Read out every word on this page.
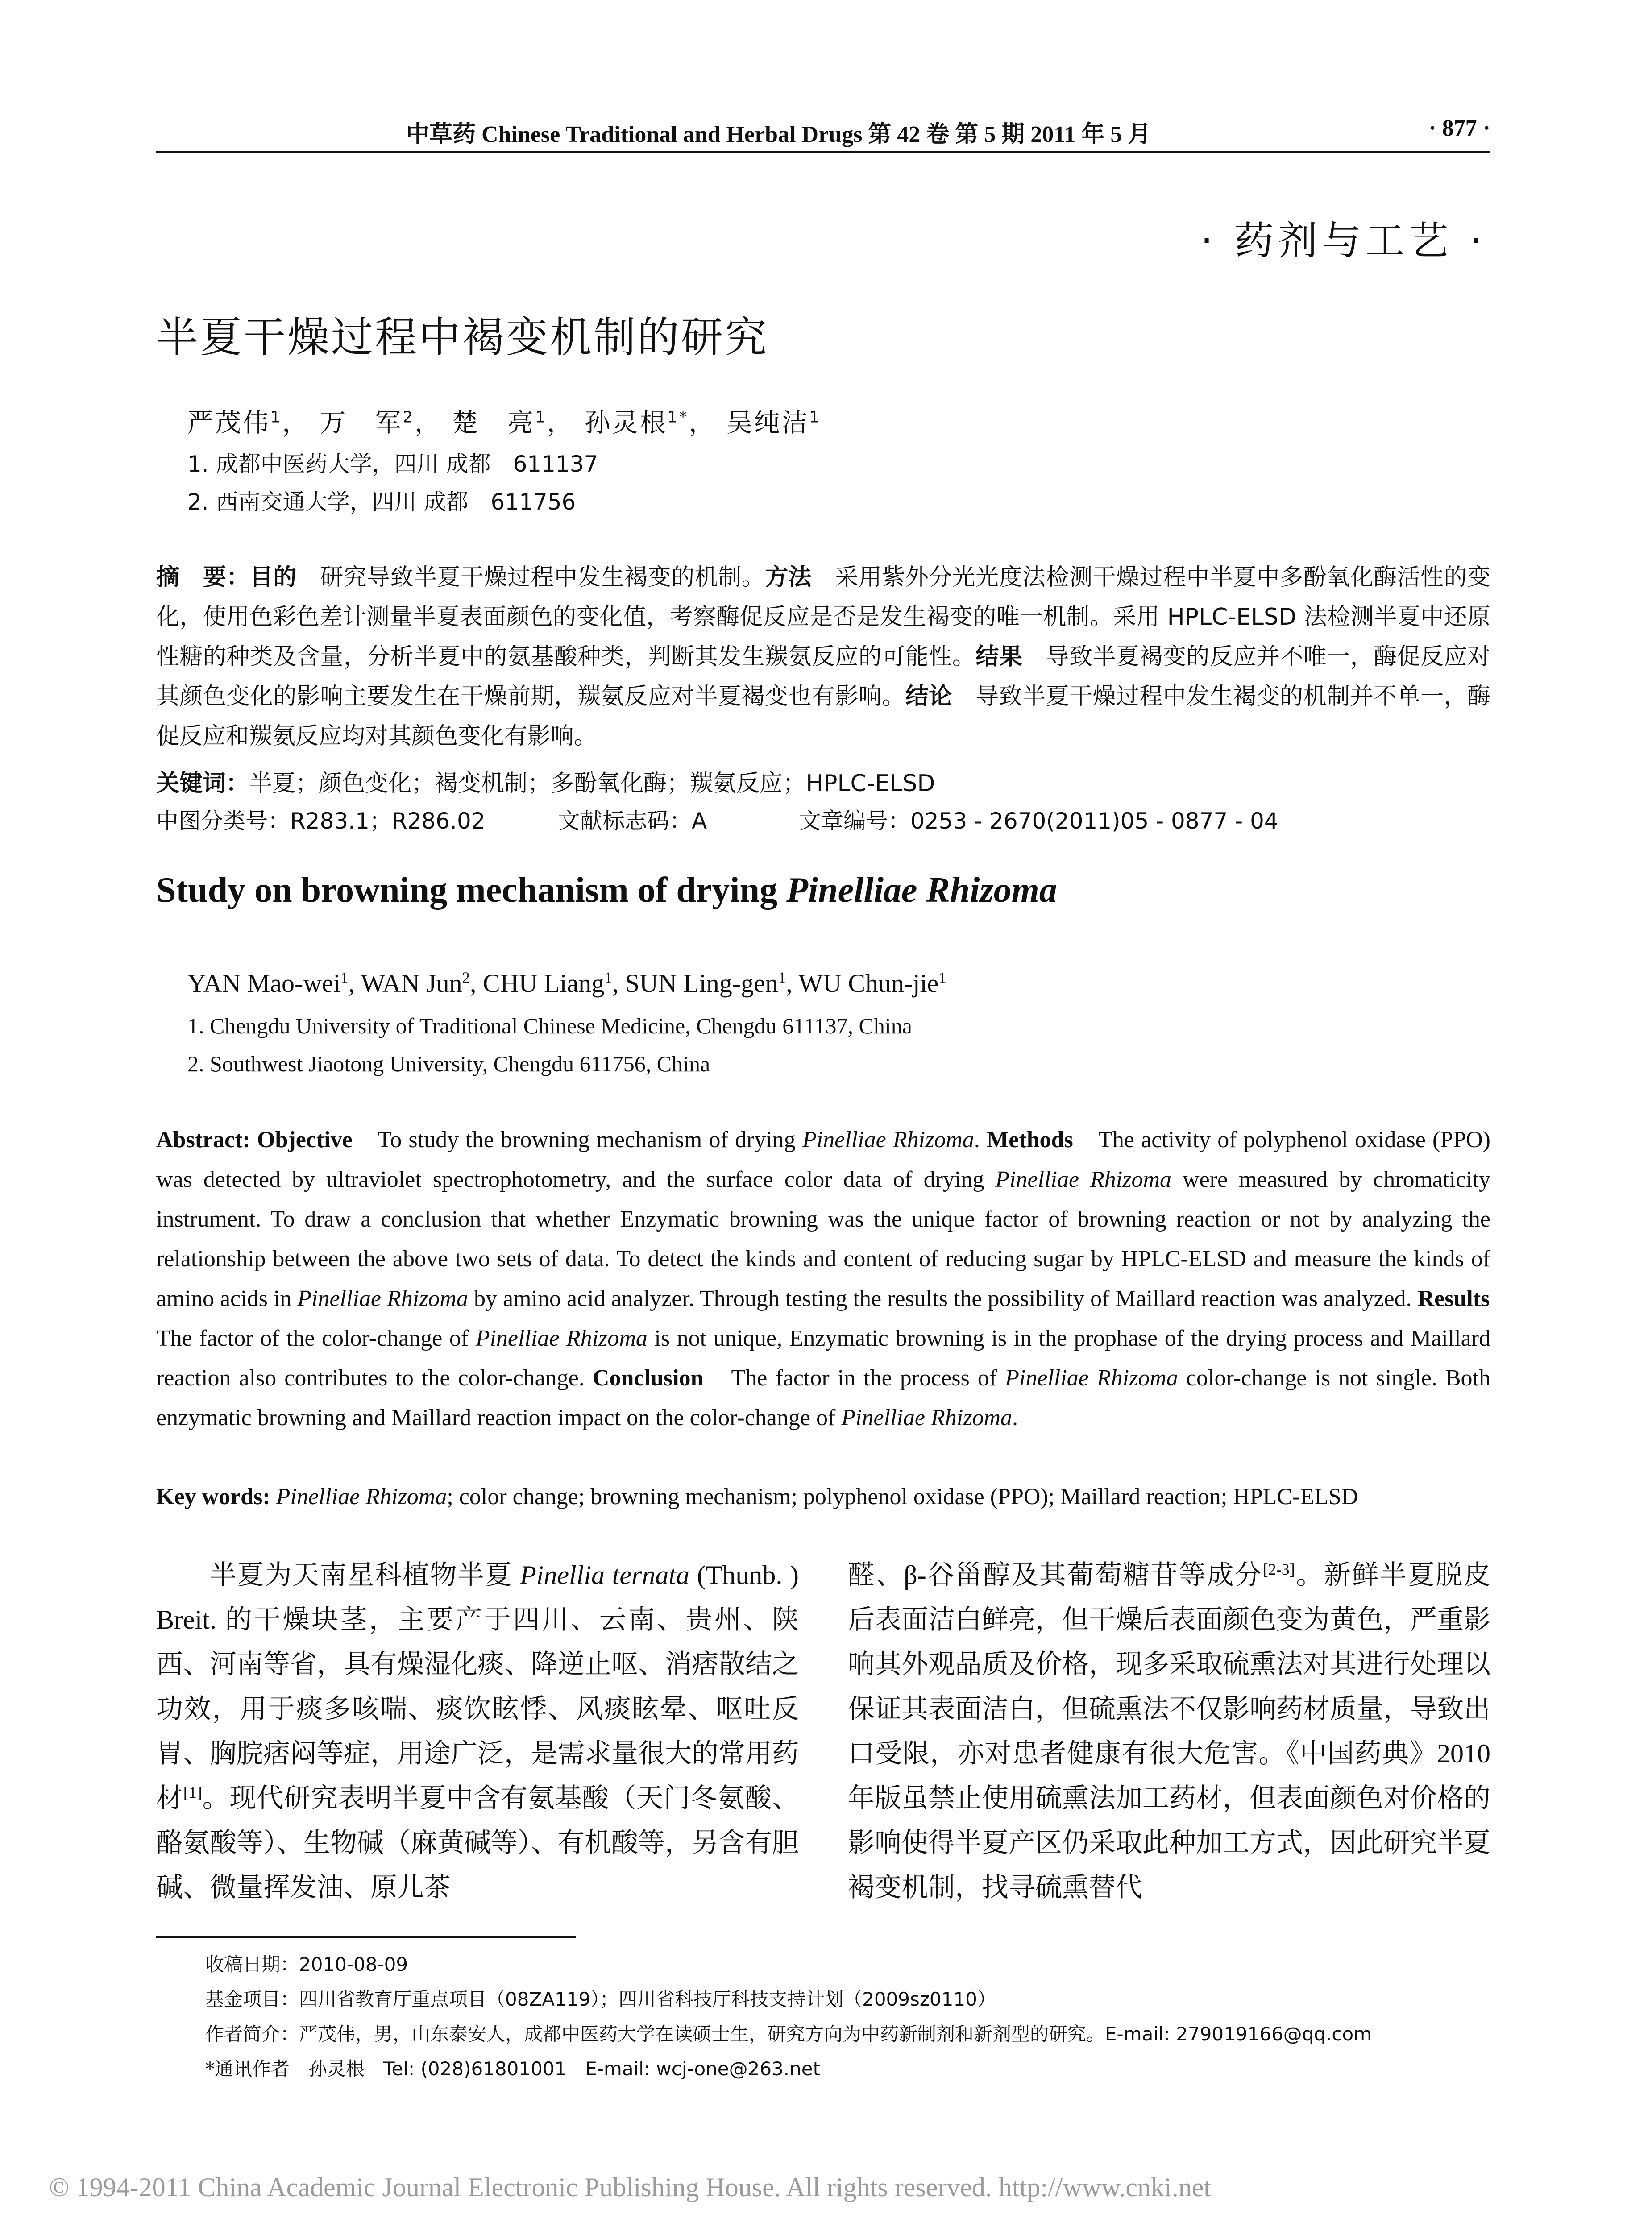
中草药 Chinese Traditional and Herbal Drugs 第 42 卷 第 5 期 2011 年 5 月	· 877 ·
· 药剂与工艺 ·
半夏干燥过程中褐变机制的研究
严茂伟$^1$， 万　军$^2$， 楚　亮$^1$， 孙灵根$^{1*}$， 吴纯洁$^1$
1. 成都中医药大学，四川 成都　611137
2. 西南交通大学，四川 成都　611756
摘　要：目的　研究导致半夏干燥过程中发生褐变的机制。方法　采用紫外分光光度法检测干燥过程中半夏中多酚氧化酶活性的变化，使用色彩色差计测量半夏表面颜色的变化值，考察酶促反应是否是发生褐变的唯一机制。采用 HPLC-ELSD 法检测半夏中还原性糖的种类及含量，分析半夏中的氨基酸种类，判断其发生羰氨反应的可能性。结果　导致半夏褐变的反应并不唯一，酶促反应对其颜色变化的影响主要发生在干燥前期，羰氨反应对半夏褐变也有影响。结论　导致半夏干燥过程中发生褐变的机制并不单一，酶促反应和羰氨反应均对其颜色变化有影响。
关键词：半夏；颜色变化；褐变机制；多酚氧化酶；羰氨反应；HPLC-ELSD
中图分类号：R283.1；R286.02	文献标志码：A	文章编号：0253 - 2670(2011)05 - 0877 - 04
Study on browning mechanism of drying Pinelliae Rhizoma
YAN Mao-wei$^1$, WAN Jun$^2$, CHU Liang$^1$, SUN Ling-gen$^1$, WU Chun-jie$^1$
1. Chengdu University of Traditional Chinese Medicine, Chengdu 611137, China
2. Southwest Jiaotong University, Chengdu 611756, China
Abstract: Objective　To study the browning mechanism of drying Pinelliae Rhizoma. Methods　The activity of polyphenol oxidase (PPO) was detected by ultraviolet spectrophotometry, and the surface color data of drying Pinelliae Rhizoma were measured by chromaticity instrument. To draw a conclusion that whether Enzymatic browning was the unique factor of browning reaction or not by analyzing the relationship between the above two sets of data. To detect the kinds and content of reducing sugar by HPLC-ELSD and measure the kinds of amino acids in Pinelliae Rhizoma by amino acid analyzer. Through testing the results the possibility of Maillard reaction was analyzed. Results　The factor of the color-change of Pinelliae Rhizoma is not unique, Enzymatic browning is in the prophase of the drying process and Maillard reaction also contributes to the color-change. Conclusion　The factor in the process of Pinelliae Rhizoma color-change is not single. Both enzymatic browning and Maillard reaction impact on the color-change of Pinelliae Rhizoma.
Key words: Pinelliae Rhizoma; color change; browning mechanism; polyphenol oxidase (PPO); Maillard reaction; HPLC-ELSD
半夏为天南星科植物半夏 Pinellia ternata (Thunb. ) Breit. 的干燥块茎，主要产于四川、云南、贵州、陕西、河南等省，具有燥湿化痰、降逆止呕、消痞散结之功效，用于痰多咳喘、痰饮眩悸、风痰眩晕、呕吐反胃、胸脘痞闷等症，用途广泛，是需求量很大的常用药材[1]。现代研究表明半夏中含有氨基酸（天门冬氨酸、酪氨酸等）、生物碱（麻黄碱等）、有机酸等，另含有胆碱、微量挥发油、原儿茶
醛、β-谷甾醇及其葡萄糖苷等成分[2-3]。新鲜半夏脱皮后表面洁白鲜亮，但干燥后表面颜色变为黄色，严重影响其外观品质及价格，现多采取硫熏法对其进行处理以保证其表面洁白，但硫熏法不仅影响药材质量，导致出口受限，亦对患者健康有很大危害。《中国药典》2010 年版虽禁止使用硫熏法加工药材，但表面颜色对价格的影响使得半夏产区仍采取此种加工方式，因此研究半夏褐变机制，找寻硫熏替代
收稿日期：2010-08-09
基金项目：四川省教育厅重点项目（08ZA119）；四川省科技厅科技支持计划（2009sz0110）
作者简介：严茂伟，男，山东泰安人，成都中医药大学在读硕士生，研究方向为中药新制剂和新剂型的研究。E-mail: 279019166@qq.com
*通讯作者　孙灵根　Tel: (028)61801001　E-mail: wcj-one@263.net
© 1994-2011 China Academic Journal Electronic Publishing House. All rights reserved. http://www.cnki.net
